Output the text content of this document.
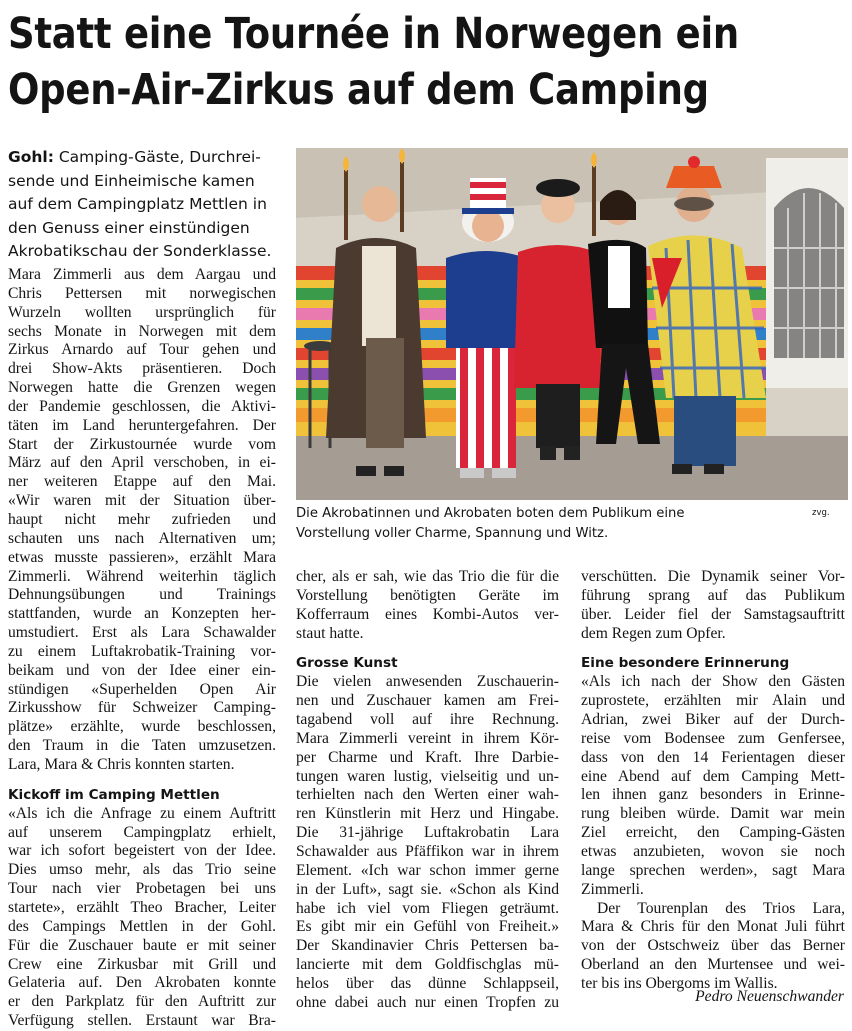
Statt eine Tournée in Norwegen ein
Open-Air-Zirkus auf dem Camping
Gohl: Camping-Gäste, Durchrei-
sende und Einheimische kamen
auf dem Campingplatz Mettlen in
den Genuss einer einstündigen
Akrobatikschau der Sonderklasse.
Die Akrobatinnen und Akrobaten boten dem Publikum eine
Vorstellung voller Charme, Spannung und Witz.
zvg.
Mara Zimmerli aus dem Aargau und
Chris Pettersen mit norwegischen
Wurzeln wollten ursprünglich für
sechs Monate in Norwegen mit dem
Zirkus Arnardo auf Tour gehen und
drei Show-Akts präsentieren. Doch
Norwegen hatte die Grenzen wegen
der Pandemie geschlossen, die Aktivi-
täten im Land heruntergefahren. Der
Start der Zirkustournée wurde vom
März auf den April verschoben, in ei-
ner weiteren Etappe auf den Mai.
«Wir waren mit der Situation über-
haupt nicht mehr zufrieden und
schauten uns nach Alternativen um;
etwas musste passieren», erzählt Mara
Zimmerli. Während weiterhin täglich
Dehnungsübungen und Trainings
stattfanden, wurde an Konzepten her-
umstudiert. Erst als Lara Schawalder
zu einem Luftakrobatik-Training vor-
beikam und von der Idee einer ein-
stündigen «Superhelden Open Air
Zirkusshow für Schweizer Camping-
plätze» erzählte, wurde beschlossen,
den Traum in die Taten umzusetzen.
Lara, Mara & Chris konnten starten.
Kickoff im Camping Mettlen
«Als ich die Anfrage zu einem Auftritt
auf unserem Campingplatz erhielt,
war ich sofort begeistert von der Idee.
Dies umso mehr, als das Trio seine
Tour nach vier Probetagen bei uns
startete», erzählt Theo Bracher, Leiter
des Campings Mettlen in der Gohl.
Für die Zuschauer baute er mit seiner
Crew eine Zirkusbar mit Grill und
Gelateria auf. Den Akrobaten konnte
er den Parkplatz für den Auftritt zur
Verfügung stellen. Erstaunt war Bra-
cher, als er sah, wie das Trio die für die
Vorstellung benötigten Geräte im
Kofferraum eines Kombi-Autos ver-
staut hatte.
Grosse Kunst
Die vielen anwesenden Zuschauerin-
nen und Zuschauer kamen am Frei-
tagabend voll auf ihre Rechnung.
Mara Zimmerli vereint in ihrem Kör-
per Charme und Kraft. Ihre Darbie-
tungen waren lustig, vielseitig und un-
terhielten nach den Werten einer wah-
ren Künstlerin mit Herz und Hingabe.
Die 31-jährige Luftakrobatin Lara
Schawalder aus Pfäffikon war in ihrem
Element. «Ich war schon immer gerne
in der Luft», sagt sie. «Schon als Kind
habe ich viel vom Fliegen geträumt.
Es gibt mir ein Gefühl von Freiheit.»
Der Skandinavier Chris Pettersen ba-
lancierte mit dem Goldfischglas mü-
helos über das dünne Schlappseil,
ohne dabei auch nur einen Tropfen zu
verschütten. Die Dynamik seiner Vor-
führung sprang auf das Publikum
über. Leider fiel der Samstagsauftritt
dem Regen zum Opfer.
Eine besondere Erinnerung
«Als ich nach der Show den Gästen
zuprostete, erzählten mir Alain und
Adrian, zwei Biker auf der Durch-
reise vom Bodensee zum Genfersee,
dass von den 14 Ferientagen dieser
eine Abend auf dem Camping Mett-
len ihnen ganz besonders in Erinne-
rung bleiben würde. Damit war mein
Ziel erreicht, den Camping-Gästen
etwas anzubieten, wovon sie noch
lange sprechen werden», sagt Mara
Zimmerli.
Der Tourenplan des Trios Lara,
Mara & Chris für den Monat Juli führt
von der Ostschweiz über das Berner
Oberland an den Murtensee und wei-
ter bis ins Obergoms im Wallis.
Pedro Neuenschwander
